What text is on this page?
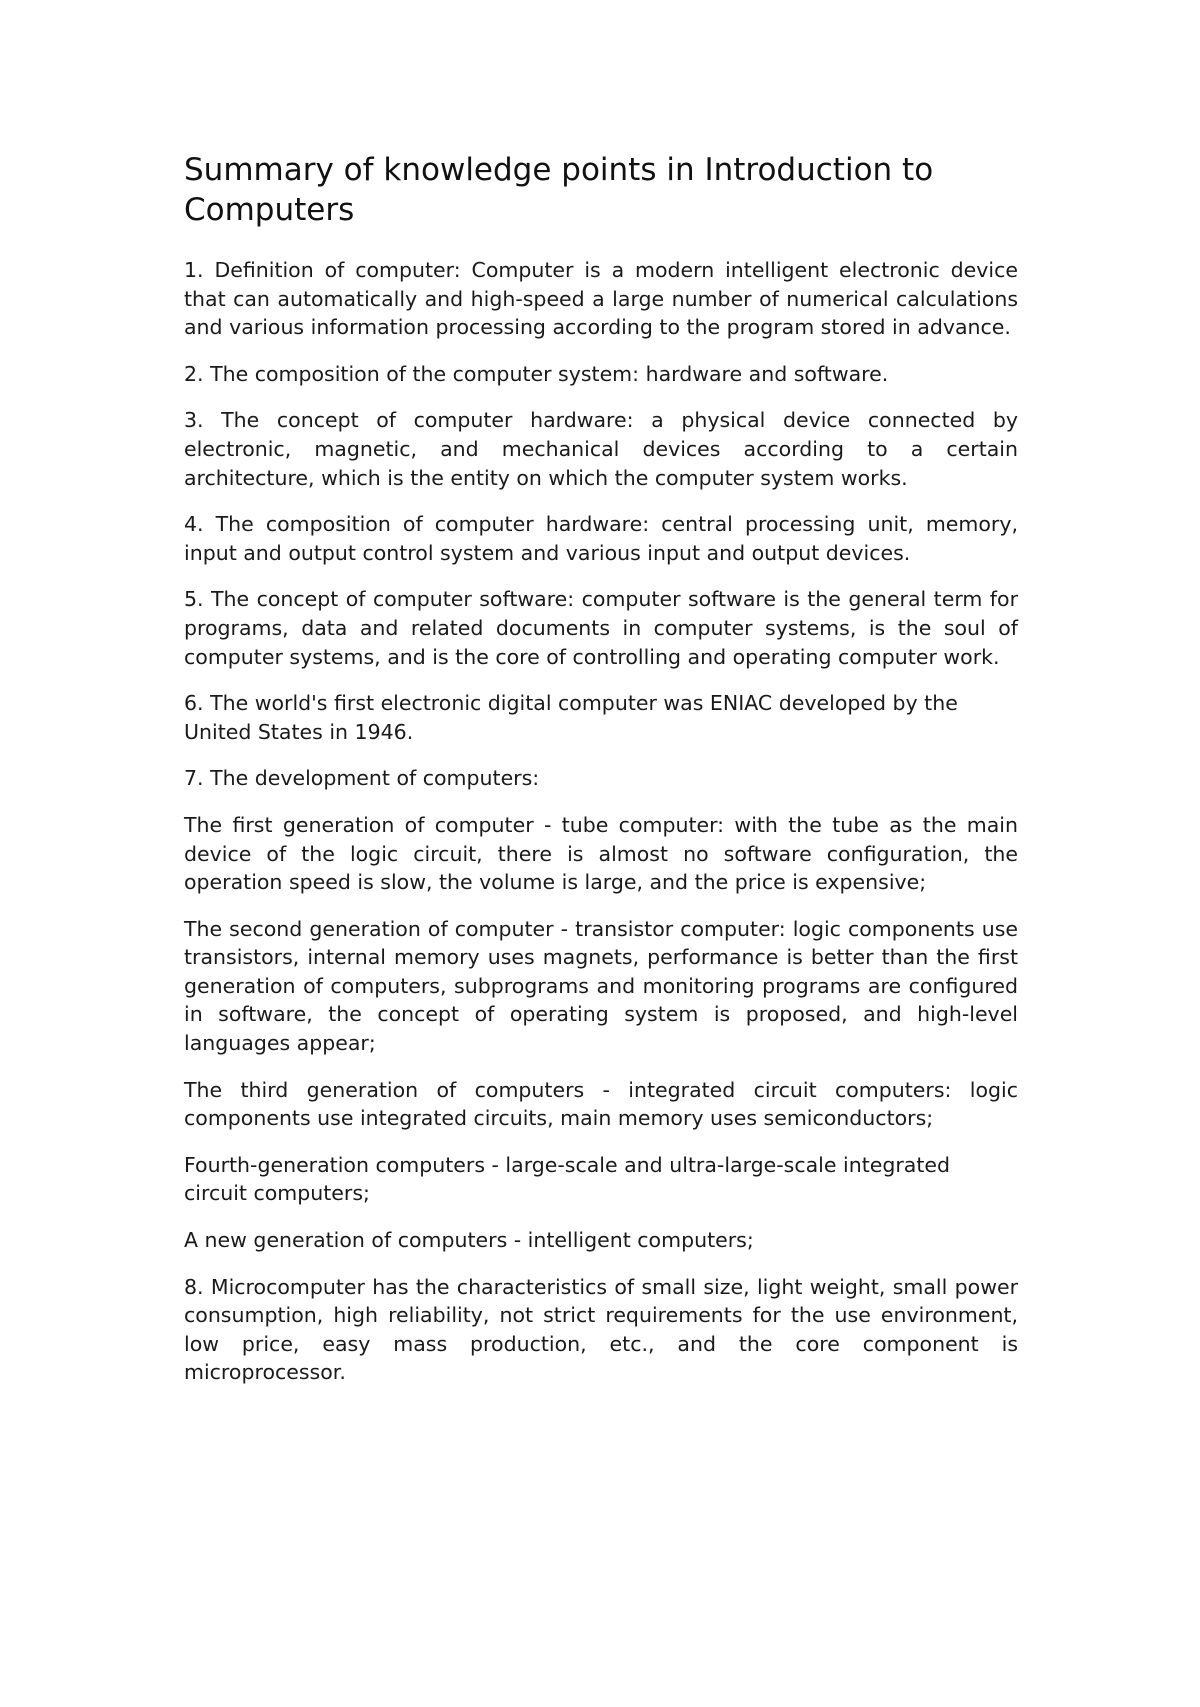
Summary of knowledge points in Introduction to Computers

1. Definition of computer: Computer is a modern intelligent electronic device that can automatically and high-speed a large number of numerical calculations and various information processing according to the program stored in advance.

2. The composition of the computer system: hardware and software.

3. The concept of computer hardware: a physical device connected by electronic, magnetic, and mechanical devices according to a certain architecture, which is the entity on which the computer system works.

4. The composition of computer hardware: central processing unit, memory, input and output control system and various input and output devices.

5. The concept of computer software: computer software is the general term for programs, data and related documents in computer systems, is the soul of computer systems, and is the core of controlling and operating computer work.

6. The world's first electronic digital computer was ENIAC developed by the United States in 1946.

7. The development of computers:

The first generation of computer - tube computer: with the tube as the main device of the logic circuit, there is almost no software configuration, the operation speed is slow, the volume is large, and the price is expensive;

The second generation of computer - transistor computer: logic components use transistors, internal memory uses magnets, performance is better than the first generation of computers, subprograms and monitoring programs are configured in software, the concept of operating system is proposed, and high-level languages appear;

The third generation of computers - integrated circuit computers: logic components use integrated circuits, main memory uses semiconductors;

Fourth-generation computers - large-scale and ultra-large-scale integrated circuit computers;

A new generation of computers - intelligent computers;

8. Microcomputer has the characteristics of small size, light weight, small power consumption, high reliability, not strict requirements for the use environment, low price, easy mass production, etc., and the core component is microprocessor.
